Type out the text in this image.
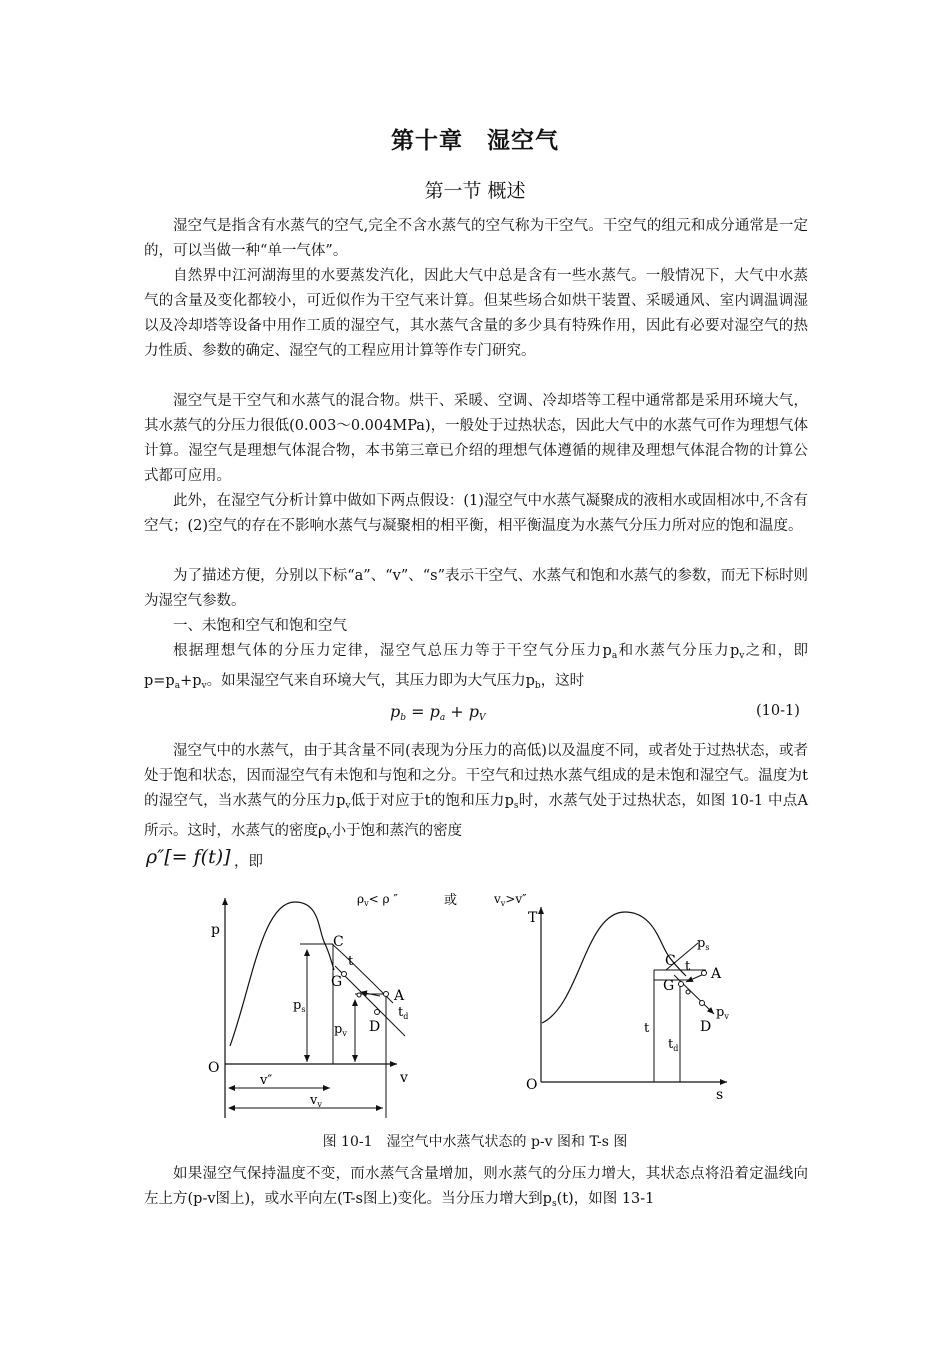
第十章　湿空气
第一节 概述

湿空气是指含有水蒸气的空气,完全不含水蒸气的空气称为干空气。干空气的组元和成分通常是一定的，可以当做一种“单一气体”。

自然界中江河湖海里的水要蒸发汽化，因此大气中总是含有一些水蒸气。一般情况下，大气中水蒸气的含量及变化都较小，可近似作为干空气来计算。但某些场合如烘干装置、采暖通风、室内调温调湿以及冷却塔等设备中用作工质的湿空气，其水蒸气含量的多少具有特殊作用，因此有必要对湿空气的热力性质、参数的确定、湿空气的工程应用计算等作专门研究。

湿空气是干空气和水蒸气的混合物。烘干、采暖、空调、冷却塔等工程中通常都是采用环境大气，其水蒸气的分压力很低(0.003～0.004MPa)，一般处于过热状态，因此大气中的水蒸气可作为理想气体计算。湿空气是理想气体混合物，本书第三章已介绍的理想气体遵循的规律及理想气体混合物的计算公式都可应用。

此外，在湿空气分析计算中做如下两点假设：(1)湿空气中水蒸气凝聚成的液相水或固相冰中,不含有空气；(2)空气的存在不影响水蒸气与凝聚相的相平衡，相平衡温度为水蒸气分压力所对应的饱和温度。

为了描述方便，分别以下标“a”、“v”、“s”表示干空气、水蒸气和饱和水蒸气的参数，而无下标时则为湿空气参数。

一、未饱和空气和饱和空气

根据理想气体的分压力定律，湿空气总压力等于干空气分压力$p_a$和水蒸气分压力$p_v$之和，即$p=p_a+p_v$。如果湿空气来自环境大气，其压力即为大气压力$p_b$，这时

$p_b = p_a + p_V$	(10-1)

湿空气中的水蒸气，由于其含量不同(表现为分压力的高低)以及温度不同，或者处于过热状态，或者处于饱和状态，因而湿空气有未饱和与饱和之分。干空气和过热水蒸气组成的是未饱和湿空气。温度为t的湿空气，当水蒸气的分压力$p_v$低于对应于t的饱和压力$p_s$时，水蒸气处于过热状态，如图 10-1 中点A所示。这时，水蒸气的密度$\rho_v$小于饱和蒸汽的密度

ρ″[= f(t)] ，即
$\rho_v< \rho$ ″	或	$v_v>v''$
p
v
O
C
t
G
A
$t_d$
D
$p_s$
$p_v$
v″
$v_v$
T
s
O
$p_s$
C t A
G
$p_v$
D
t
$t_d$
图 10-1　湿空气中水蒸气状态的 p-v 图和 T-s 图

如果湿空气保持温度不变，而水蒸气含量增加，则水蒸气的分压力增大，其状态点将沿着定温线向左上方(p-v图上)，或水平向左(T-s图上)变化。当分压力增大到$p_s(t)$，如图 13-1
